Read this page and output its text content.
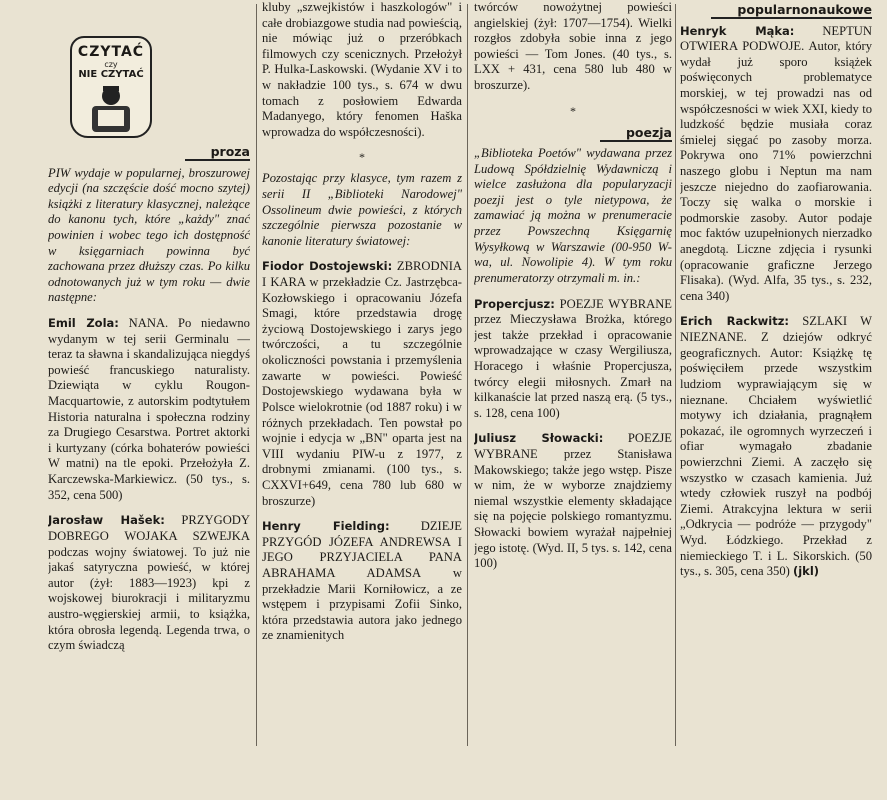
CZYTAĆ
czy
NIE CZYTAĆ
proza

PIW wydaje w popularnej, broszurowej edycji (na szczęście dość mocno szytej) książki z literatury klasycznej, należące do kanonu tych, które „każdy" znać powinien i wobec tego ich dostępność w księgarniach powinna być zachowana przez dłuższy czas. Po kilku odnotowanych już w tym roku — dwie następne:

Emil Zola: NANA. Po niedawno wydanym w tej serii Germinalu — teraz ta sławna i skandalizująca niegdyś powieść francuskiego naturalisty. Dziewiąta w cyklu Rougon-Macquartowie, z autorskim podtytułem Historia naturalna i społeczna rodziny za Drugiego Cesarstwa. Portret aktorki i kurtyzany (córka bohaterów powieści W matni) na tle epoki. Przełożyła Z. Karczewska-Markiewicz. (50 tys., s. 352, cena 500)

Jarosław Hašek: PRZYGODY DOBREGO WOJAKA SZWEJKA podczas wojny światowej. To już nie jakaś satyryczna powieść, w której autor (żył: 1883—1923) kpi z wojskowej biurokracji i militaryzmu austro-węgierskiej armii, to książka, która obrosła legendą. Legenda trwa, o czym świadczą

kluby „szwejkistów i haszkologów" i całe drobiazgowe studia nad powieścią, nie mówiąc już o przeróbkach filmowych czy scenicznych. Przełożył P. Hulka-Laskowski. (Wydanie XV i to w nakładzie 100 tys., s. 674 w dwu tomach z posłowiem Edwarda Madanyego, który fenomen Haška wprowadza do współczesności).

*

Pozostając przy klasyce, tym razem z serii II „Biblioteki Narodowej" Ossolineum dwie powieści, z których szczególnie pierwsza pozostanie w kanonie literatury światowej:

Fiodor Dostojewski: ZBRODNIA I KARA w przekładzie Cz. Jastrzębca-Kozłowskiego i opracowaniu Józefa Smagi, które przedstawia drogę życiową Dostojewskiego i zarys jego twórczości, a tu szczególnie okoliczności powstania i przemyślenia zawarte w powieści. Powieść Dostojewskiego wydawana była w Polsce wielokrotnie (od 1887 roku) i w różnych przekładach. Ten powstał po wojnie i edycja w „BN" oparta jest na VIII wydaniu PIW-u z 1977, z drobnymi zmianami. (100 tys., s. CXXVI+649, cena 780 lub 680 w broszurze)

Henry Fielding: DZIEJE PRZYGÓD JÓZEFA ANDREWSA I JEGO PRZYJACIELA PANA ABRAHAMA ADAMSA w przekładzie Marii Korniłowicz, a ze wstępem i przypisami Zofii Sinko, która przedstawia autora jako jednego ze znamienitych

twórców nowożytnej powieści angielskiej (żył: 1707—1754). Wielki rozgłos zdobyła sobie inna z jego powieści — Tom Jones. (40 tys., s. LXX + 431, cena 580 lub 480 w broszurze).

*
poezja

„Biblioteka Poetów" wydawana przez Ludową Spółdzielnię Wydawniczą i wielce zasłużona dla popularyzacji poezji jest o tyle nietypowa, że zamawiać ją można w prenumeracie przez Powszechną Księgarnię Wysyłkową w Warszawie (00-950 W-wa, ul. Nowolipie 4). W tym roku prenumeratorzy otrzymali m. in.:

Propercjusz: POEZJE WYBRANE przez Mieczysława Brożka, którego jest także przekład i opracowanie wprowadzające w czasy Wergiliusza, Horacego i właśnie Propercjusza, twórcy elegii miłosnych. Zmarł na kilkanaście lat przed naszą erą. (5 tys., s. 128, cena 100)

Juliusz Słowacki: POEZJE WYBRANE przez Stanisława Makowskiego; także jego wstęp. Pisze w nim, że w wyborze znajdziemy niemal wszystkie elementy składające się na pojęcie polskiego romantyzmu. Słowacki bowiem wyrażał najpełniej jego istotę. (Wyd. II, 5 tys. s. 142, cena 100)

popularnonaukowe

Henryk Mąka: NEPTUN OTWIERA PODWOJE. Autor, który wydał już sporo książek poświęconych problematyce morskiej, w tej prowadzi nas od współczesności w wiek XXI, kiedy to ludzkość będzie musiała coraz śmielej sięgać po zasoby morza. Pokrywa ono 71% powierzchni naszego globu i Neptun ma nam jeszcze niejedno do zaofiarowania. Toczy się walka o morskie i podmorskie zasoby. Autor podaje moc faktów uzupełnionych nierzadko anegdotą. Liczne zdjęcia i rysunki (opracowanie graficzne Jerzego Flisaka). (Wyd. Alfa, 35 tys., s. 232, cena 340)

Erich Rackwitz: SZLAKI W NIEZNANE. Z dziejów odkryć geograficznych. Autor: Książkę tę poświęciłem przede wszystkim ludziom wyprawiającym się w nieznane. Chciałem wyświetlić motywy ich działania, pragnąłem pokazać, ile ogromnych wyrzeczeń i ofiar wymagało zbadanie powierzchni Ziemi. A zaczęło się wszystko w czasach kamienia. Już wtedy człowiek ruszył na podbój Ziemi. Atrakcyjna lektura w serii „Odkrycia — podróże — przygody" Wyd. Łódzkiego. Przekład z niemieckiego T. i L. Sikorskich. (50 tys., s. 305, cena 350) (jkl)
